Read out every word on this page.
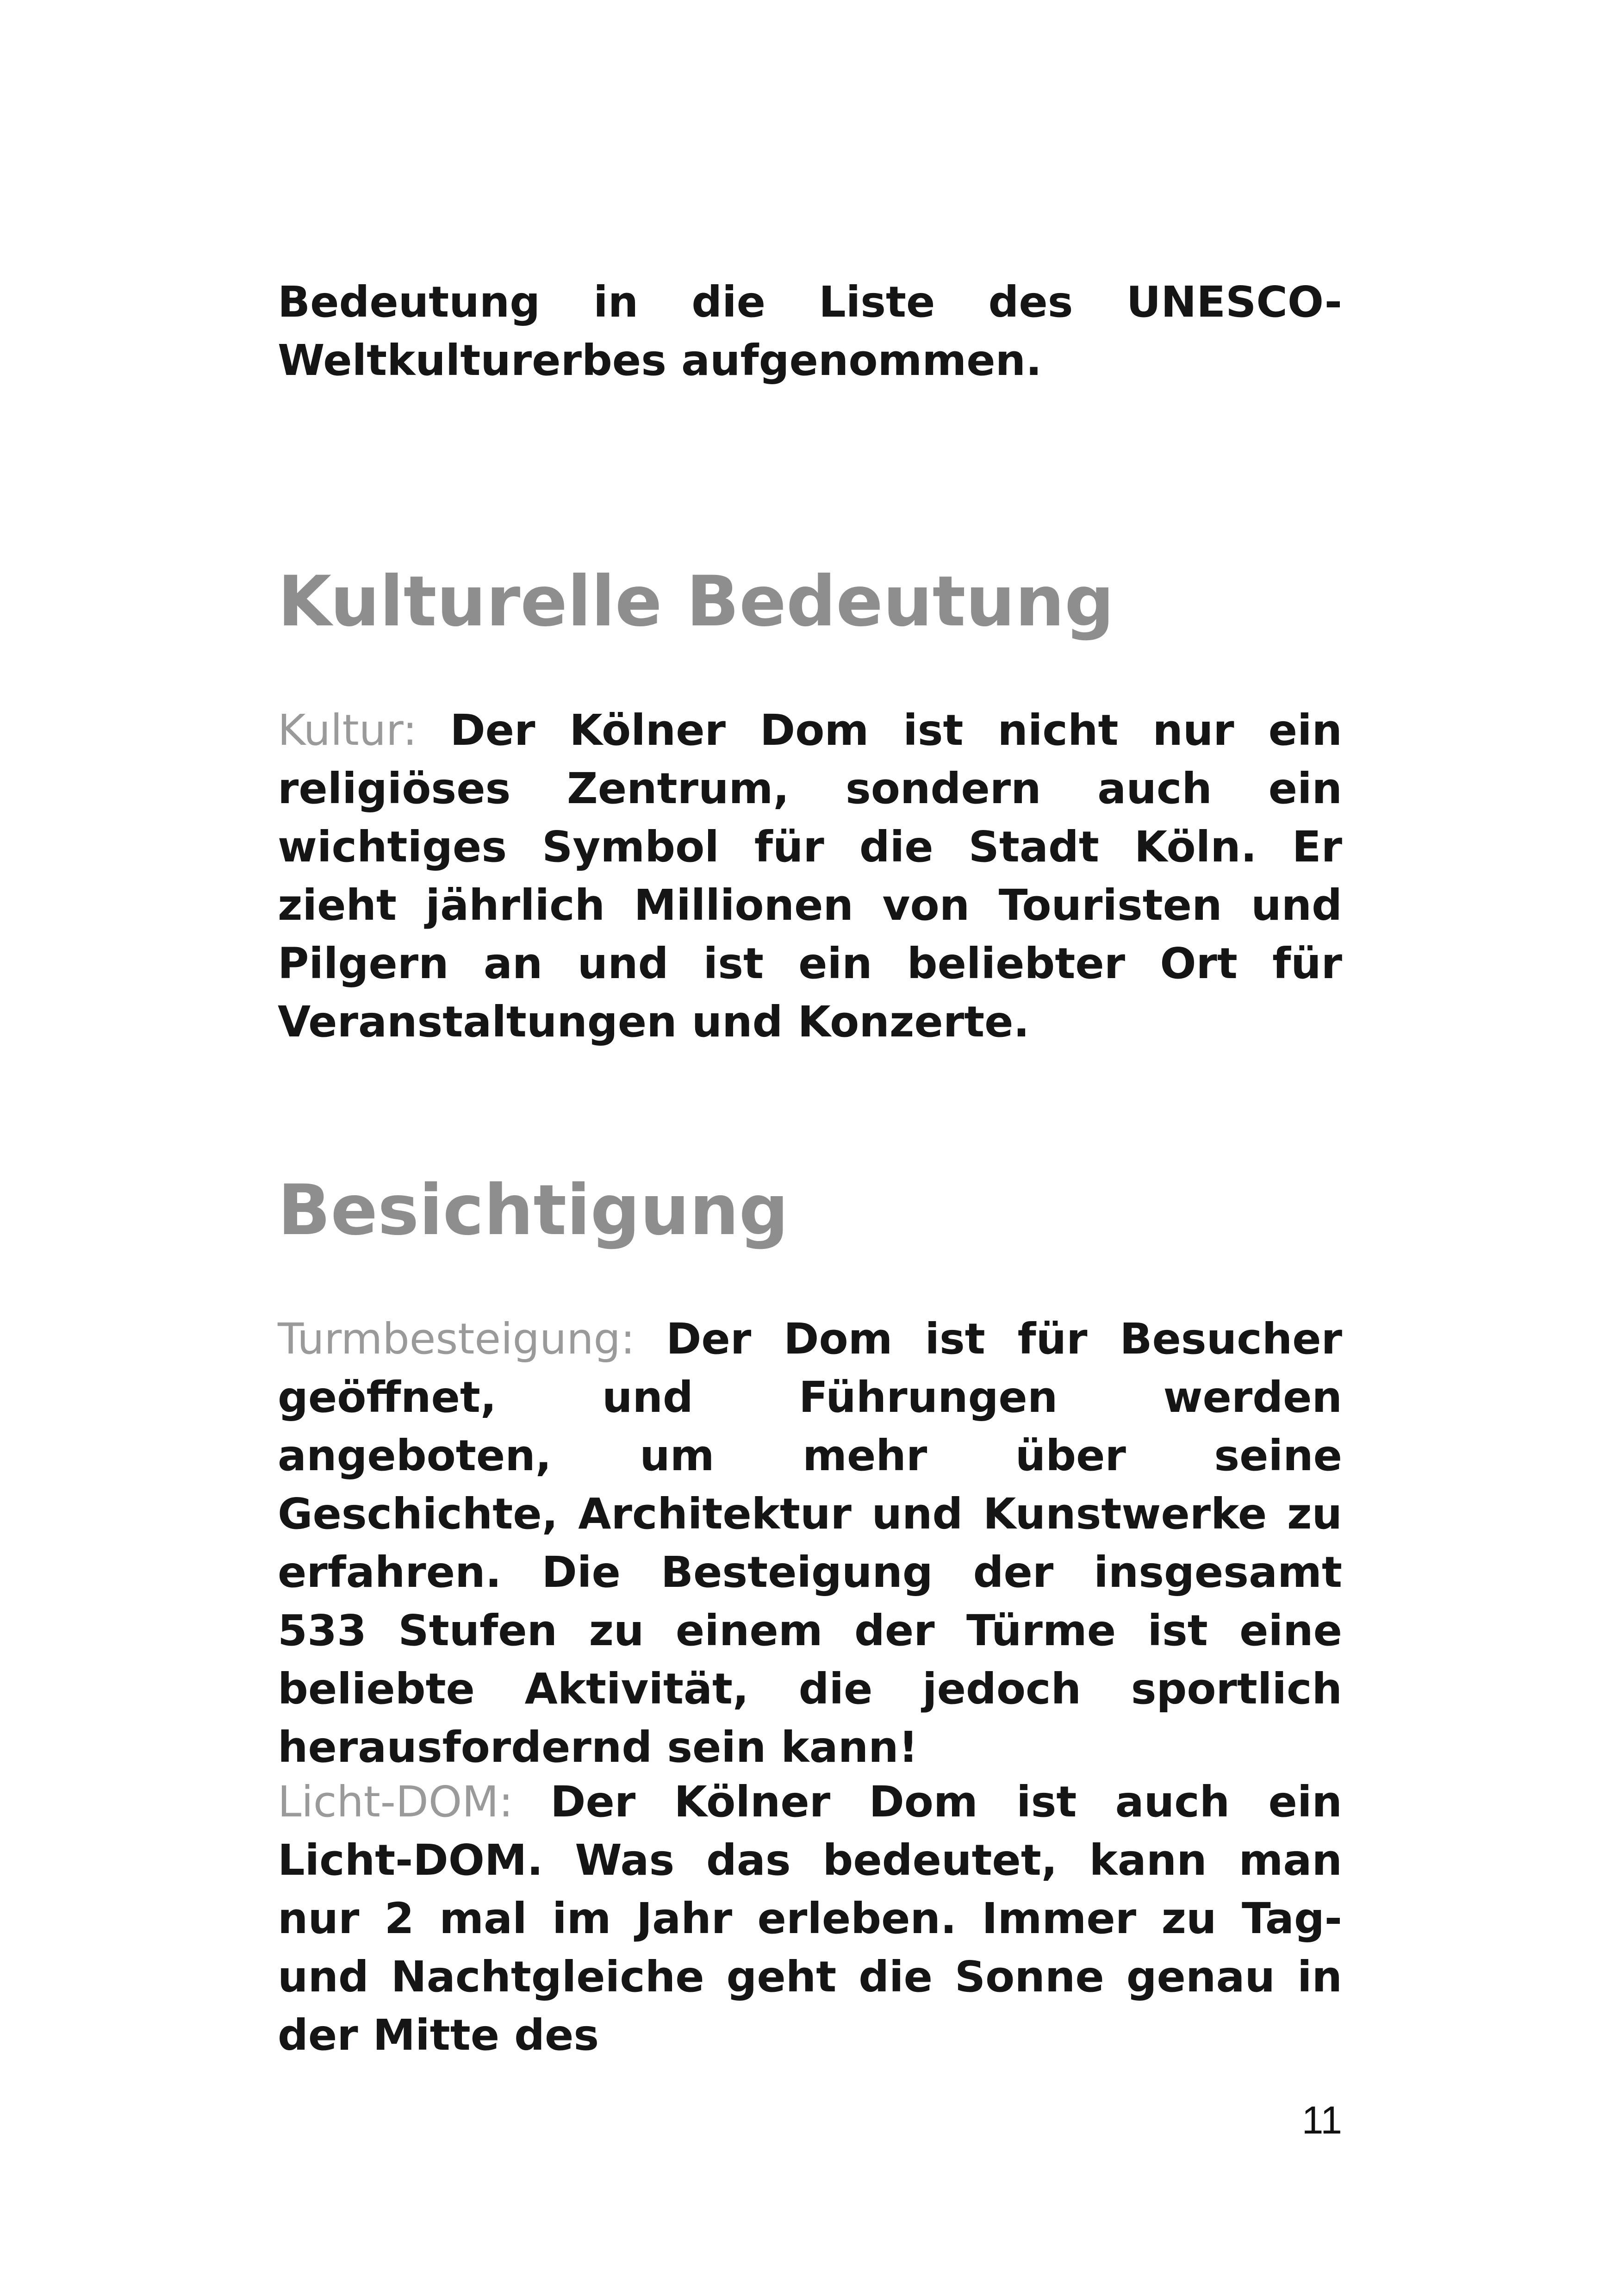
Bedeutung in die Liste des UNESCO-Weltkulturerbes aufgenommen.
Kulturelle Bedeutung
Kultur: Der Kölner Dom ist nicht nur ein religiöses Zentrum, sondern auch ein wichtiges Symbol für die Stadt Köln. Er zieht jährlich Millionen von Touristen und Pilgern an und ist ein beliebter Ort für Veranstaltungen und Konzerte.
Besichtigung
Turmbesteigung: Der Dom ist für Besucher geöffnet, und Führungen werden angeboten, um mehr über seine Geschichte, Architektur und Kunstwerke zu erfahren. Die Besteigung der insgesamt 533 Stufen zu einem der Türme ist eine beliebte Aktivität, die jedoch sportlich herausfordernd sein kann!
Licht-DOM: Der Kölner Dom ist auch ein Licht-DOM. Was das bedeutet, kann man nur 2 mal im Jahr erleben. Immer zu Tag- und Nachtgleiche geht die Sonne genau in der Mitte des
11
